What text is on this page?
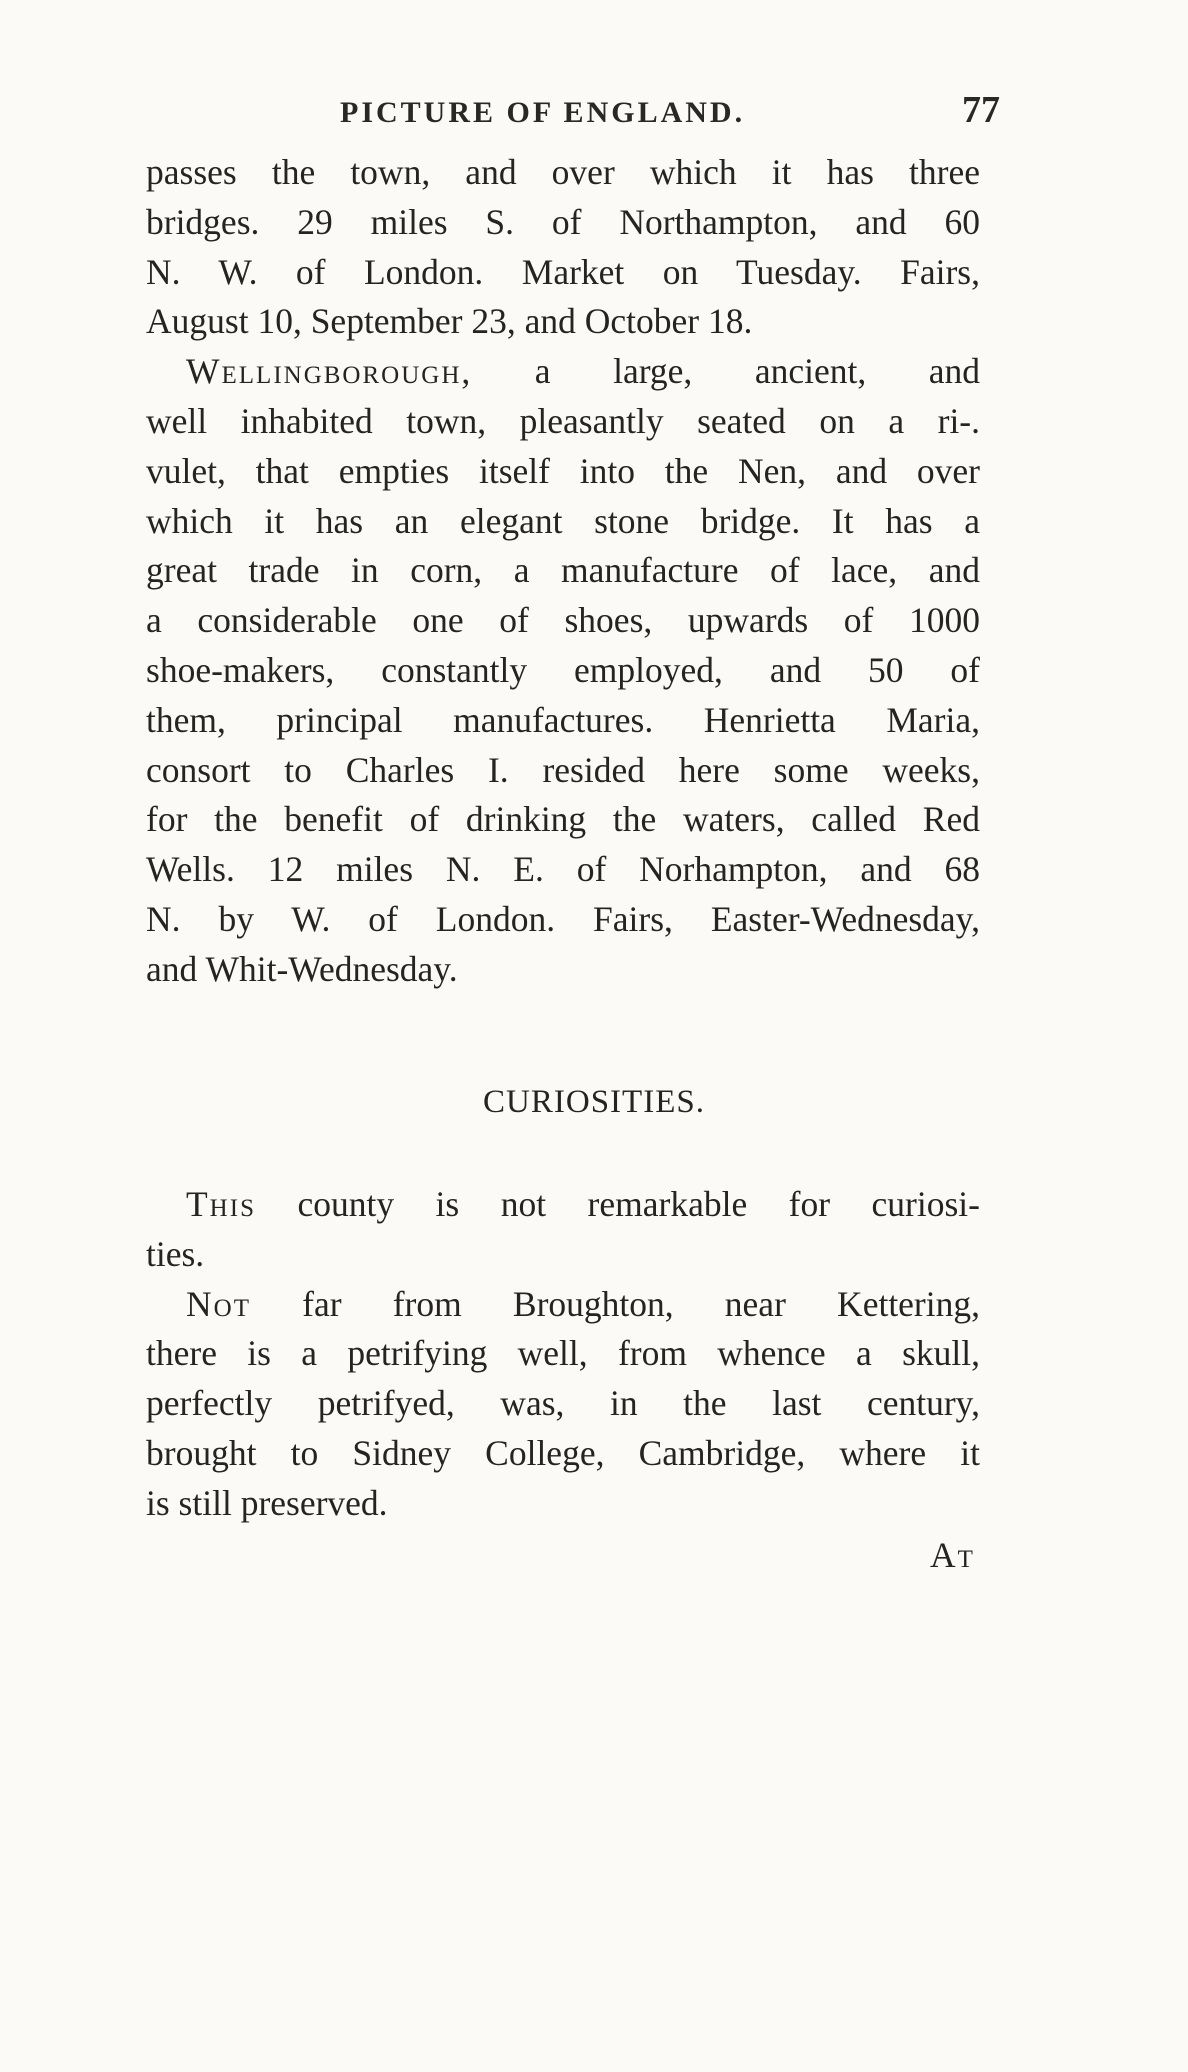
PICTURE OF ENGLAND.	77
passes the town, and over which it has three
bridges. 29 miles S. of Northampton, and 60
N. W. of London. Market on Tuesday. Fairs,
August 10, September 23, and October 18.
Wellingborough, a large, ancient, and
well inhabited town, pleasantly seated on a ri-.
vulet, that empties itself into the Nen, and over
which it has an elegant stone bridge. It has a
great trade in corn, a manufacture of lace, and
a considerable one of shoes, upwards of 1000
shoe-makers, constantly employed, and 50 of
them, principal manufactures. Henrietta Maria,
consort to Charles I. resided here some weeks,
for the benefit of drinking the waters, called Red
Wells. 12 miles N. E. of Norhampton, and 68
N. by W. of London. Fairs, Easter-Wednesday,
and Whit-Wednesday.
CURIOSITIES.
This county is not remarkable for curiosi-
ties.
Not far from Broughton, near Kettering,
there is a petrifying well, from whence a skull,
perfectly petrifyed, was, in the last century,
brought to Sidney College, Cambridge, where it
is still preserved.
At
